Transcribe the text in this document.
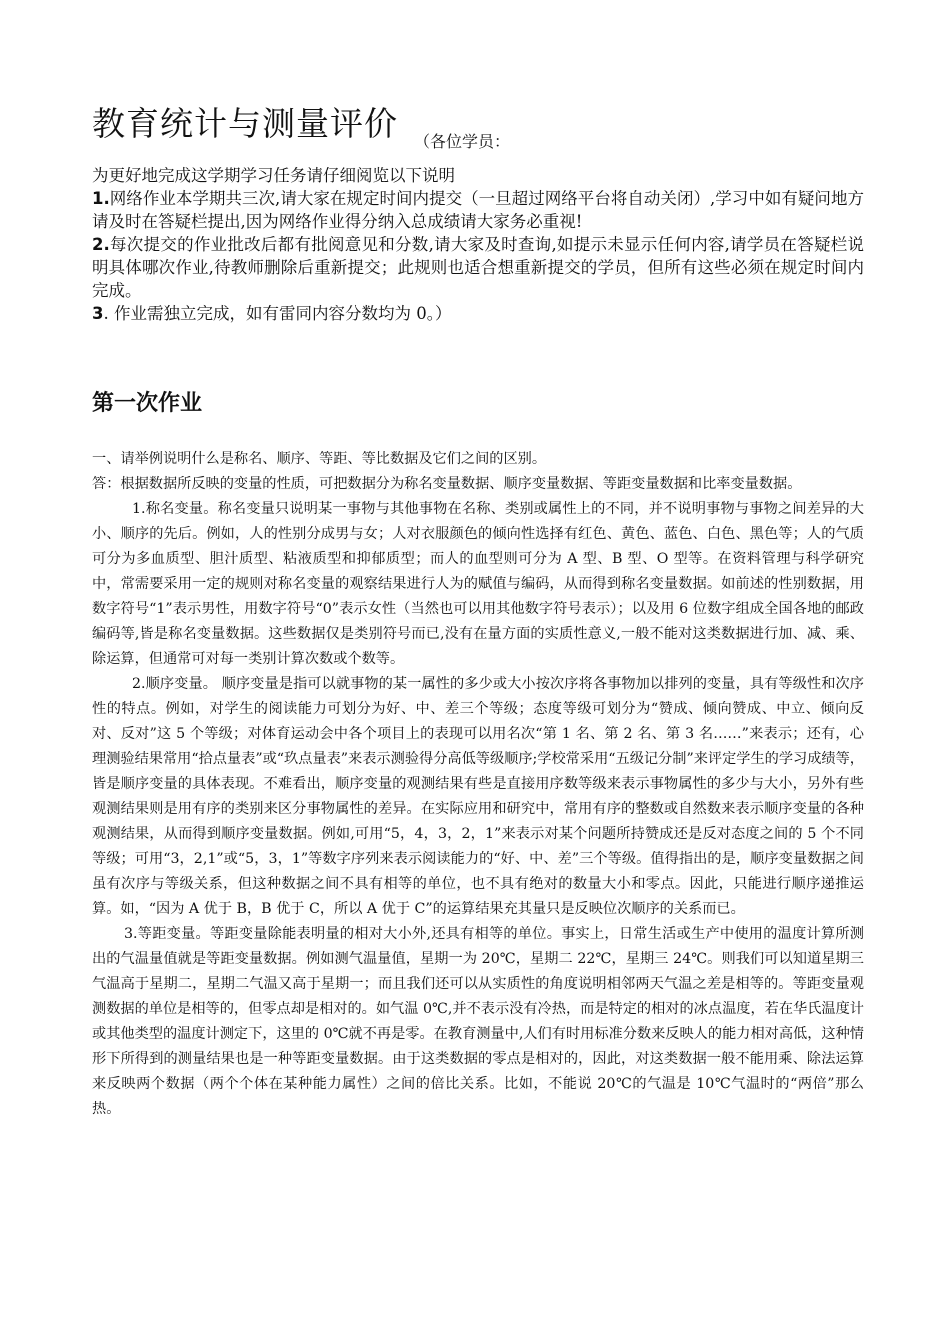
教育统计与测量评价 （各位学员：

为更好地完成这学期学习任务请仔细阅览以下说明

1.网络作业本学期共三次,请大家在规定时间内提交（一旦超过网络平台将自动关闭）,学习中如有疑问地方请及时在答疑栏提出,因为网络作业得分纳入总成绩请大家务必重视!

2.每次提交的作业批改后都有批阅意见和分数,请大家及时查询,如提示未显示任何内容,请学员在答疑栏说明具体哪次作业,待教师删除后重新提交；此规则也适合想重新提交的学员，但所有这些必须在规定时间内完成。

3. 作业需独立完成，如有雷同内容分数均为 0。）

第一次作业

一、请举例说明什么是称名、顺序、等距、等比数据及它们之间的区别。

答：根据数据所反映的变量的性质，可把数据分为称名变量数据、顺序变量数据、等距变量数据和比率变量数据。

1.称名变量。称名变量只说明某一事物与其他事物在名称、类别或属性上的不同，并不说明事物与事物之间差异的大小、顺序的先后。例如，人的性别分成男与女；人对衣服颜色的倾向性选择有红色、黄色、蓝色、白色、黑色等；人的气质可分为多血质型、胆汁质型、粘液质型和抑郁质型；而人的血型则可分为 A 型、B 型、O 型等。在资料管理与科学研究中，常需要采用一定的规则对称名变量的观察结果进行人为的赋值与编码，从而得到称名变量数据。如前述的性别数据，用数字符号“1”表示男性，用数字符号“0”表示女性（当然也可以用其他数字符号表示）；以及用 6 位数字组成全国各地的邮政编码等,皆是称名变量数据。这些数据仅是类别符号而已,没有在量方面的实质性意义,一般不能对这类数据进行加、减、乘、除运算，但通常可对每一类别计算次数或个数等。

2.顺序变量。 顺序变量是指可以就事物的某一属性的多少或大小按次序将各事物加以排列的变量，具有等级性和次序性的特点。例如，对学生的阅读能力可划分为好、中、差三个等级；态度等级可划分为“赞成、倾向赞成、中立、倾向反对、反对”这 5 个等级；对体育运动会中各个项目上的表现可以用名次“第 1 名、第 2 名、第 3 名……”来表示；还有，心理测验结果常用“拾点量表”或“玖点量表”来表示测验得分高低等级顺序;学校常采用“五级记分制”来评定学生的学习成绩等，皆是顺序变量的具体表现。不难看出，顺序变量的观测结果有些是直接用序数等级来表示事物属性的多少与大小，另外有些观测结果则是用有序的类别来区分事物属性的差异。在实际应用和研究中，常用有序的整数或自然数来表示顺序变量的各种观测结果，从而得到顺序变量数据。例如,可用“5，4，3，2，1”来表示对某个问题所持赞成还是反对态度之间的 5 个不同等级；可用“3，2,1”或“5，3，1”等数字序列来表示阅读能力的“好、中、差”三个等级。值得指出的是，顺序变量数据之间虽有次序与等级关系，但这种数据之间不具有相等的单位，也不具有绝对的数量大小和零点。因此，只能进行顺序递推运算。如，“因为 A 优于 B，B 优于 C，所以 A 优于 C”的运算结果充其量只是反映位次顺序的关系而已。

3.等距变量。等距变量除能表明量的相对大小外,还具有相等的单位。事实上，日常生活或生产中使用的温度计算所测出的气温量值就是等距变量数据。例如测气温量值，星期一为 20℃，星期二 22℃，星期三 24℃。则我们可以知道星期三气温高于星期二，星期二气温又高于星期一；而且我们还可以从实质性的角度说明相邻两天气温之差是相等的。等距变量观测数据的单位是相等的，但零点却是相对的。如气温 0℃,并不表示没有冷热，而是特定的相对的冰点温度，若在华氏温度计或其他类型的温度计测定下，这里的 0℃就不再是零。在教育测量中,人们有时用标准分数来反映人的能力相对高低，这种情形下所得到的测量结果也是一种等距变量数据。由于这类数据的零点是相对的，因此，对这类数据一般不能用乘、除法运算来反映两个数据（两个个体在某种能力属性）之间的倍比关系。比如，不能说 20℃的气温是 10℃气温时的“两倍”那么热。
